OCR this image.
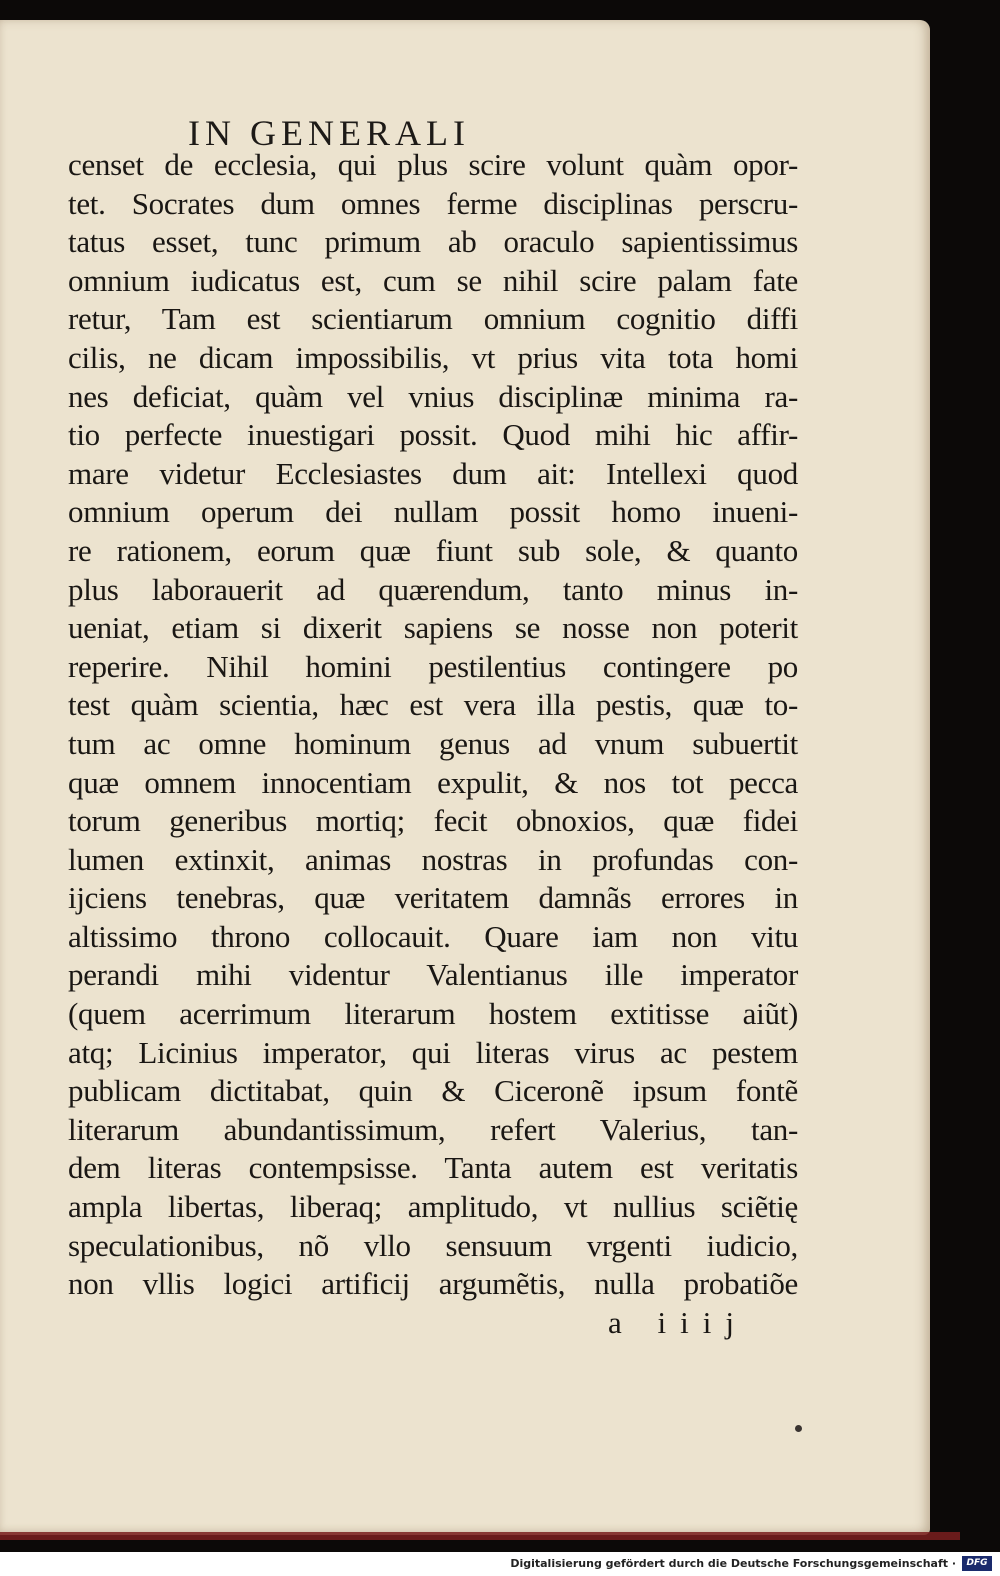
IN GENERALI
censet de ecclesia, qui plus scire volunt quàm opor-
tet. Socrates dum omnes ferme disciplinas perscru-
tatus esset, tunc primum ab oraculo sapientissimus
omnium iudicatus est, cum se nihil scire palam fate
retur, Tam est scientiarum omnium cognitio diffi
cilis, ne dicam impossibilis, vt prius vita tota homi
nes deficiat, quàm vel vnius disciplinæ minima ra-
tio perfecte inuestigari possit. Quod mihi hic affir-
mare videtur Ecclesiastes dum ait: Intellexi quod
omnium operum dei nullam possit homo inueni-
re rationem, eorum quæ fiunt sub sole, & quanto
plus laborauerit ad quærendum, tanto minus in-
ueniat, etiam si dixerit sapiens se nosse non poterit
reperire. Nihil homini pestilentius contingere po
test quàm scientia, hæc est vera illa pestis, quæ to-
tum ac omne hominum genus ad vnum subuertit
quæ omnem innocentiam expulit, & nos tot pecca
torum generibus mortiq; fecit obnoxios, quæ fidei
lumen extinxit, animas nostras in profundas con-
ijciens tenebras, quæ veritatem damnãs errores in
altissimo throno collocauit. Quare iam non vitu
perandi mihi videntur Valentianus ille imperator
(quem acerrimum literarum hostem extitisse aiũt)
atq; Licinius imperator, qui literas virus ac pestem
publicam dictitabat, quin & Ciceronẽ ipsum fontẽ
literarum abundantissimum, refert Valerius, tan-
dem literas contempsisse. Tanta autem est veritatis
ampla libertas, liberaq; amplitudo, vt nullius sciẽtię
speculationibus, nõ vllo sensuum vrgenti iudicio,
non vllis logici artificij argumẽtis, nulla probatiõe
a iiij
Digitalisierung gefördert durch die Deutsche Forschungsgemeinschaft ·	DFG
